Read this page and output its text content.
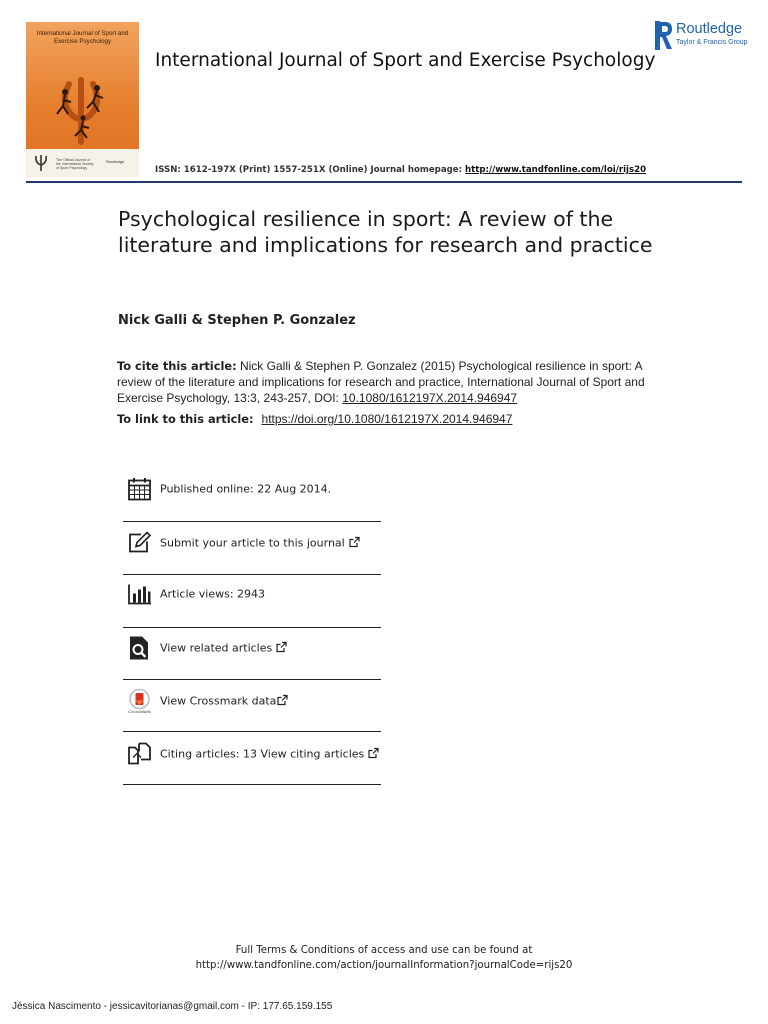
International Journal of Sport and Exercise Psychology
The Official Journal of the International Society of Sport Psychology
Routledge
International Journal of Sport and Exercise Psychology
Routledge
Taylor & Francis Group
ISSN: 1612-197X (Print) 1557-251X (Online) Journal homepage: http://www.tandfonline.com/loi/rijs20
Psychological resilience in sport: A review of the literature and implications for research and practice
Nick Galli & Stephen P. Gonzalez
To cite this article: Nick Galli & Stephen P. Gonzalez (2015) Psychological resilience in sport: A review of the literature and implications for research and practice, International Journal of Sport and Exercise Psychology, 13:3, 243-257, DOI: 10.1080/1612197X.2014.946947
To link to this article: https://doi.org/10.1080/1612197X.2014.946947
Published online: 22 Aug 2014.
Submit your article to this journal
Article views: 2943
View related articles
CrossMark
View Crossmark data
Citing articles: 13 View citing articles
Full Terms & Conditions of access and use can be found at
http://www.tandfonline.com/action/journalInformation?journalCode=rijs20
Jéssica Nascimento - jessicavitorianas@gmail.com - IP: 177.65.159.155
